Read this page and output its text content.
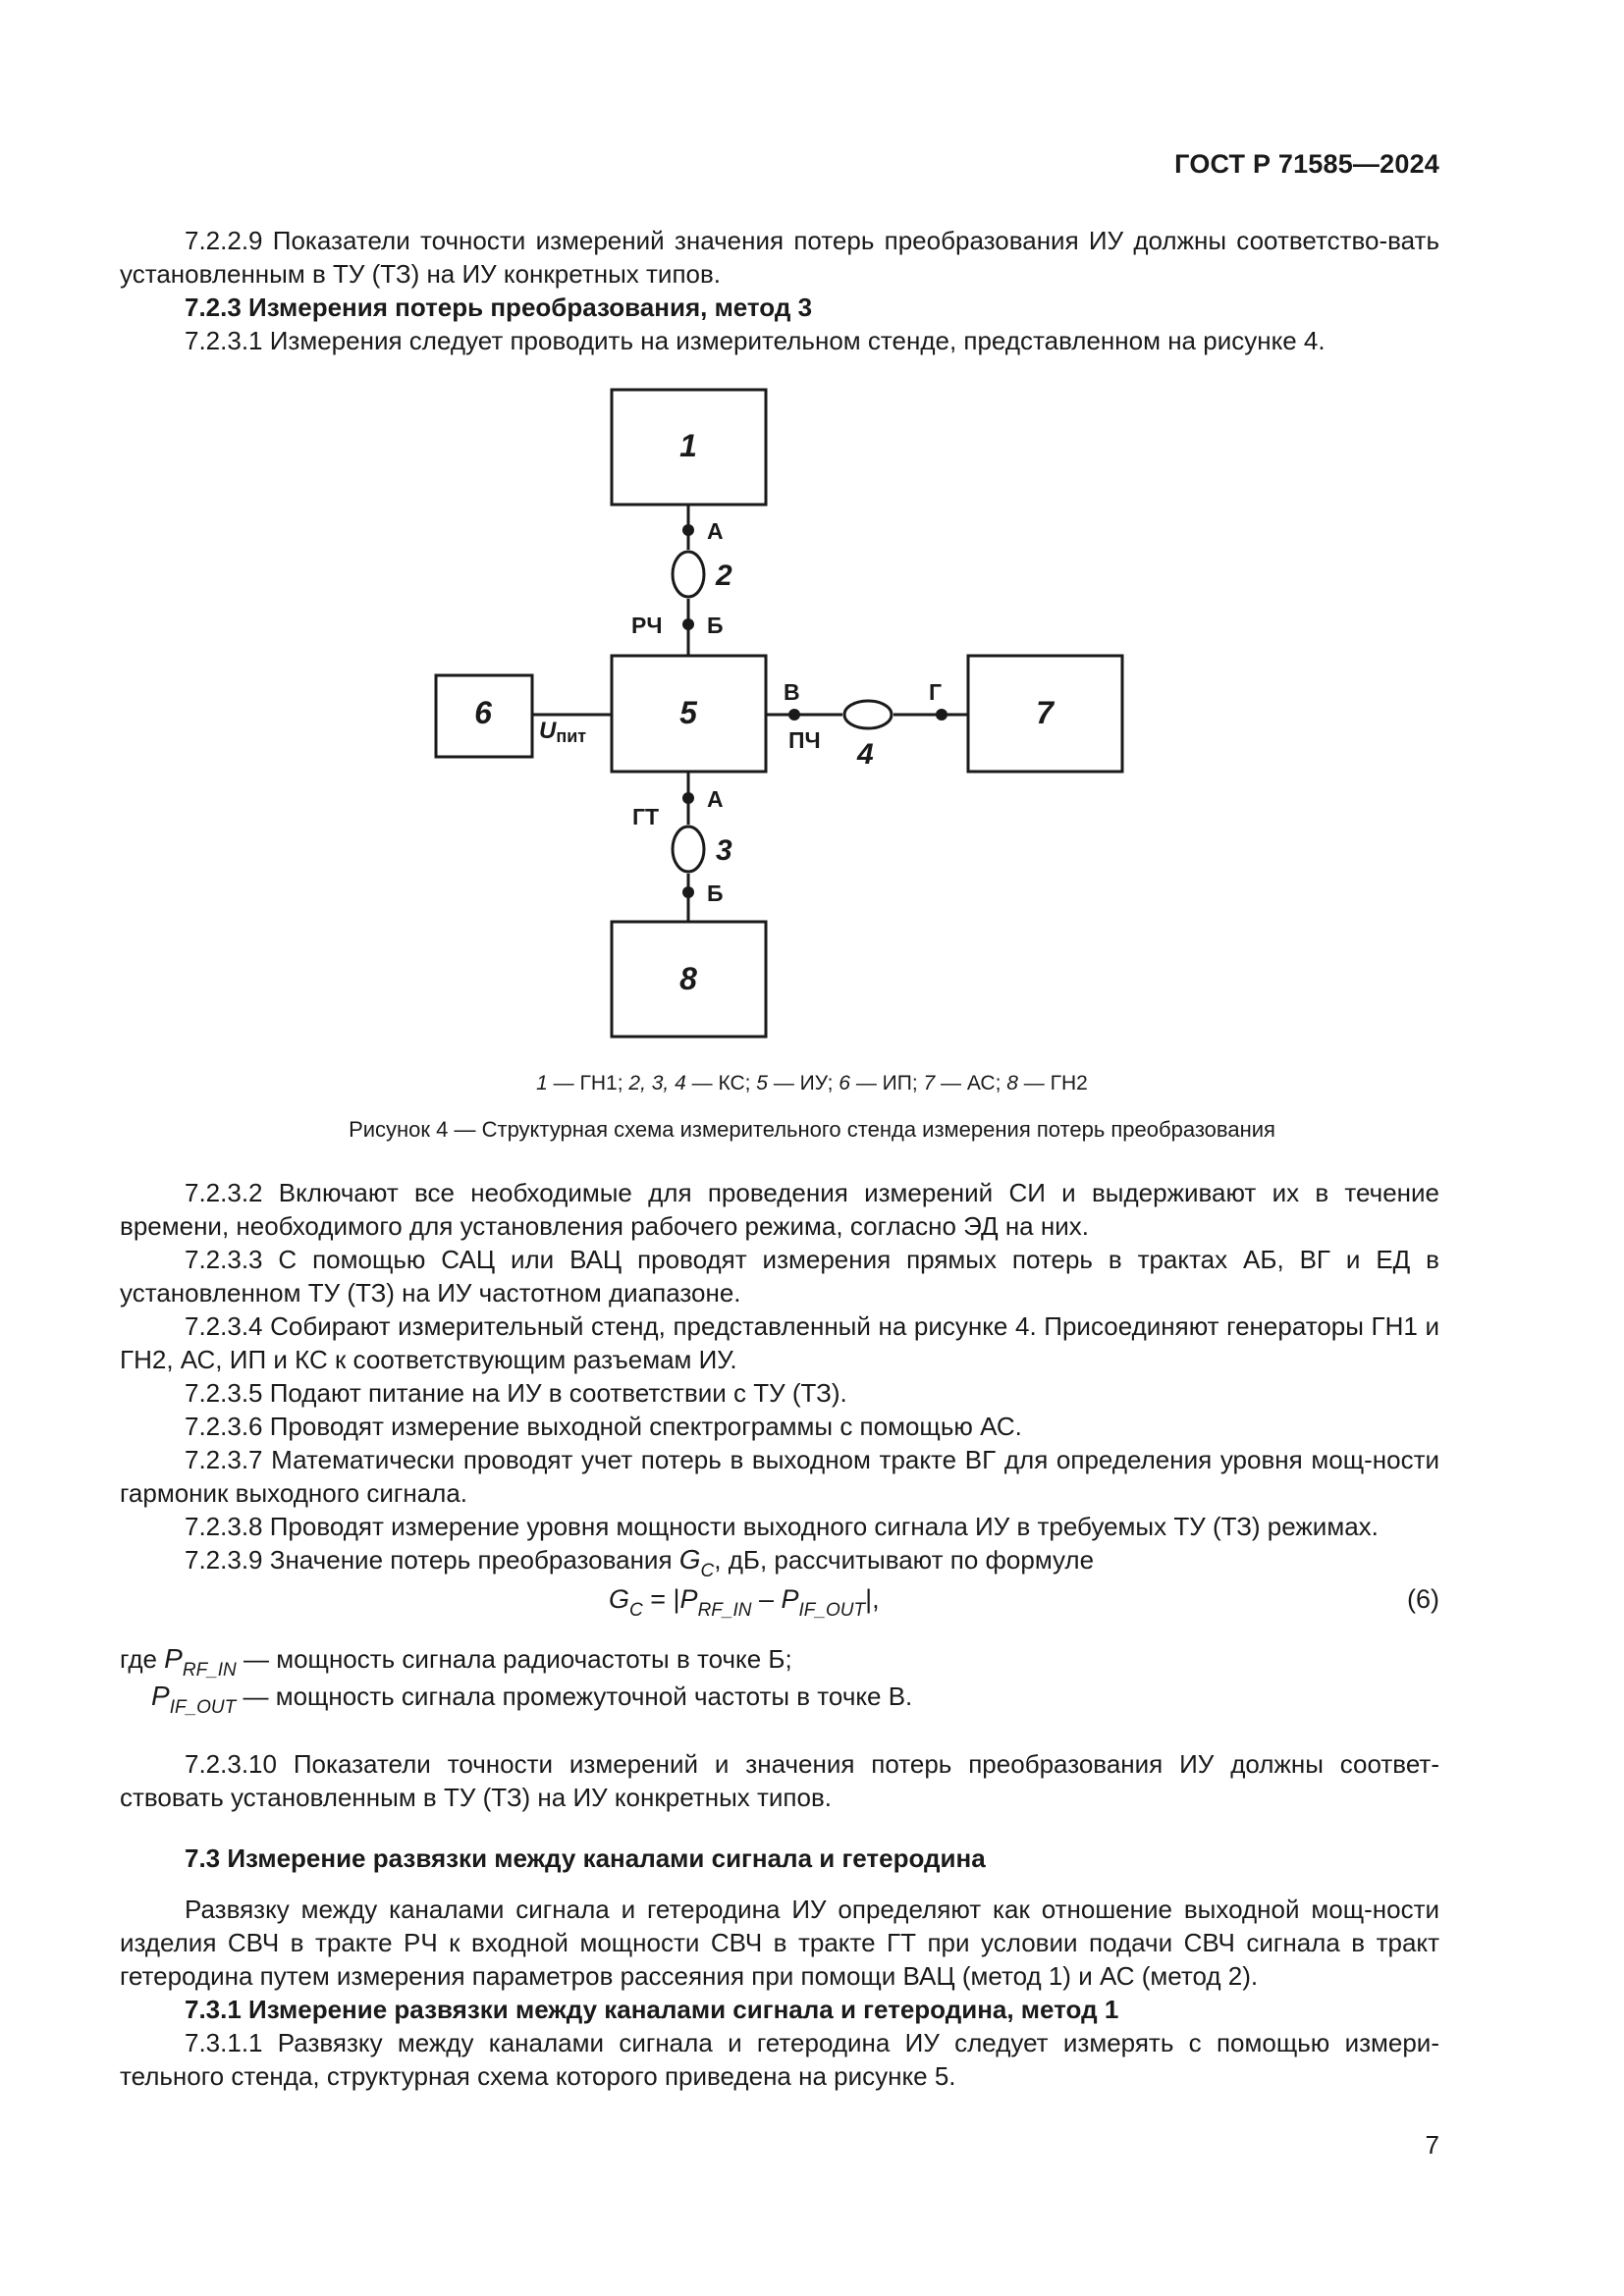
ГОСТ Р 71585—2024

7.2.2.9 Показатели точности измерений значения потерь преобразования ИУ должны соответство-вать установленным в ТУ (ТЗ) на ИУ конкретных типов.

7.2.3 Измерения потерь преобразования, метод 3

7.2.3.1 Измерения следует проводить на измерительном стенде, представленном на рисунке 4.

1
5
6	7
8
2
3
4
А
Б
РЧ
В	Г
ПЧ
А
Б
ГТ
Uпит
1 — ГН1; 2, 3, 4 — КС; 5 — ИУ; 6 — ИП; 7 — АС; 8 — ГН2
Рисунок 4 — Структурная схема измерительного стенда измерения потерь преобразования

7.2.3.2 Включают все необходимые для проведения измерений СИ и выдерживают их в течение времени, необходимого для установления рабочего режима, согласно ЭД на них.

7.2.3.3 С помощью САЦ или ВАЦ проводят измерения прямых потерь в трактах АБ, ВГ и ЕД в установленном ТУ (ТЗ) на ИУ частотном диапазоне.

7.2.3.4 Собирают измерительный стенд, представленный на рисунке 4. Присоединяют генераторы ГН1 и ГН2, АС, ИП и КС к соответствующим разъемам ИУ.

7.2.3.5 Подают питание на ИУ в соответствии с ТУ (ТЗ).

7.2.3.6 Проводят измерение выходной спектрограммы с помощью АС.

7.2.3.7 Математически проводят учет потерь в выходном тракте ВГ для определения уровня мощ-ности гармоник выходного сигнала.

7.2.3.8 Проводят измерение уровня мощности выходного сигнала ИУ в требуемых ТУ (ТЗ) режимах.

7.2.3.9 Значение потерь преобразования $G_C$, дБ, рассчитывают по формуле

$G_C = |P_{RF\_IN} - P_{IF\_OUT}|$,	(6)
где $P_{RF\_IN}$ — мощность сигнала радиочастоты в точке Б;
$P_{IF\_OUT}$ — мощность сигнала промежуточной частоты в точке В.

7.2.3.10 Показатели точности измерений и значения потерь преобразования ИУ должны соответ-ствовать установленным в ТУ (ТЗ) на ИУ конкретных типов.

7.3 Измерение развязки между каналами сигнала и гетеродина

Развязку между каналами сигнала и гетеродина ИУ определяют как отношение выходной мощ-ности изделия СВЧ в тракте РЧ к входной мощности СВЧ в тракте ГТ при условии подачи СВЧ сигнала в тракт гетеродина путем измерения параметров рассеяния при помощи ВАЦ (метод 1) и АС (метод 2).

7.3.1 Измерение развязки между каналами сигнала и гетеродина, метод 1

7.3.1.1 Развязку между каналами сигнала и гетеродина ИУ следует измерять с помощью измери-тельного стенда, структурная схема которого приведена на рисунке 5.

7
